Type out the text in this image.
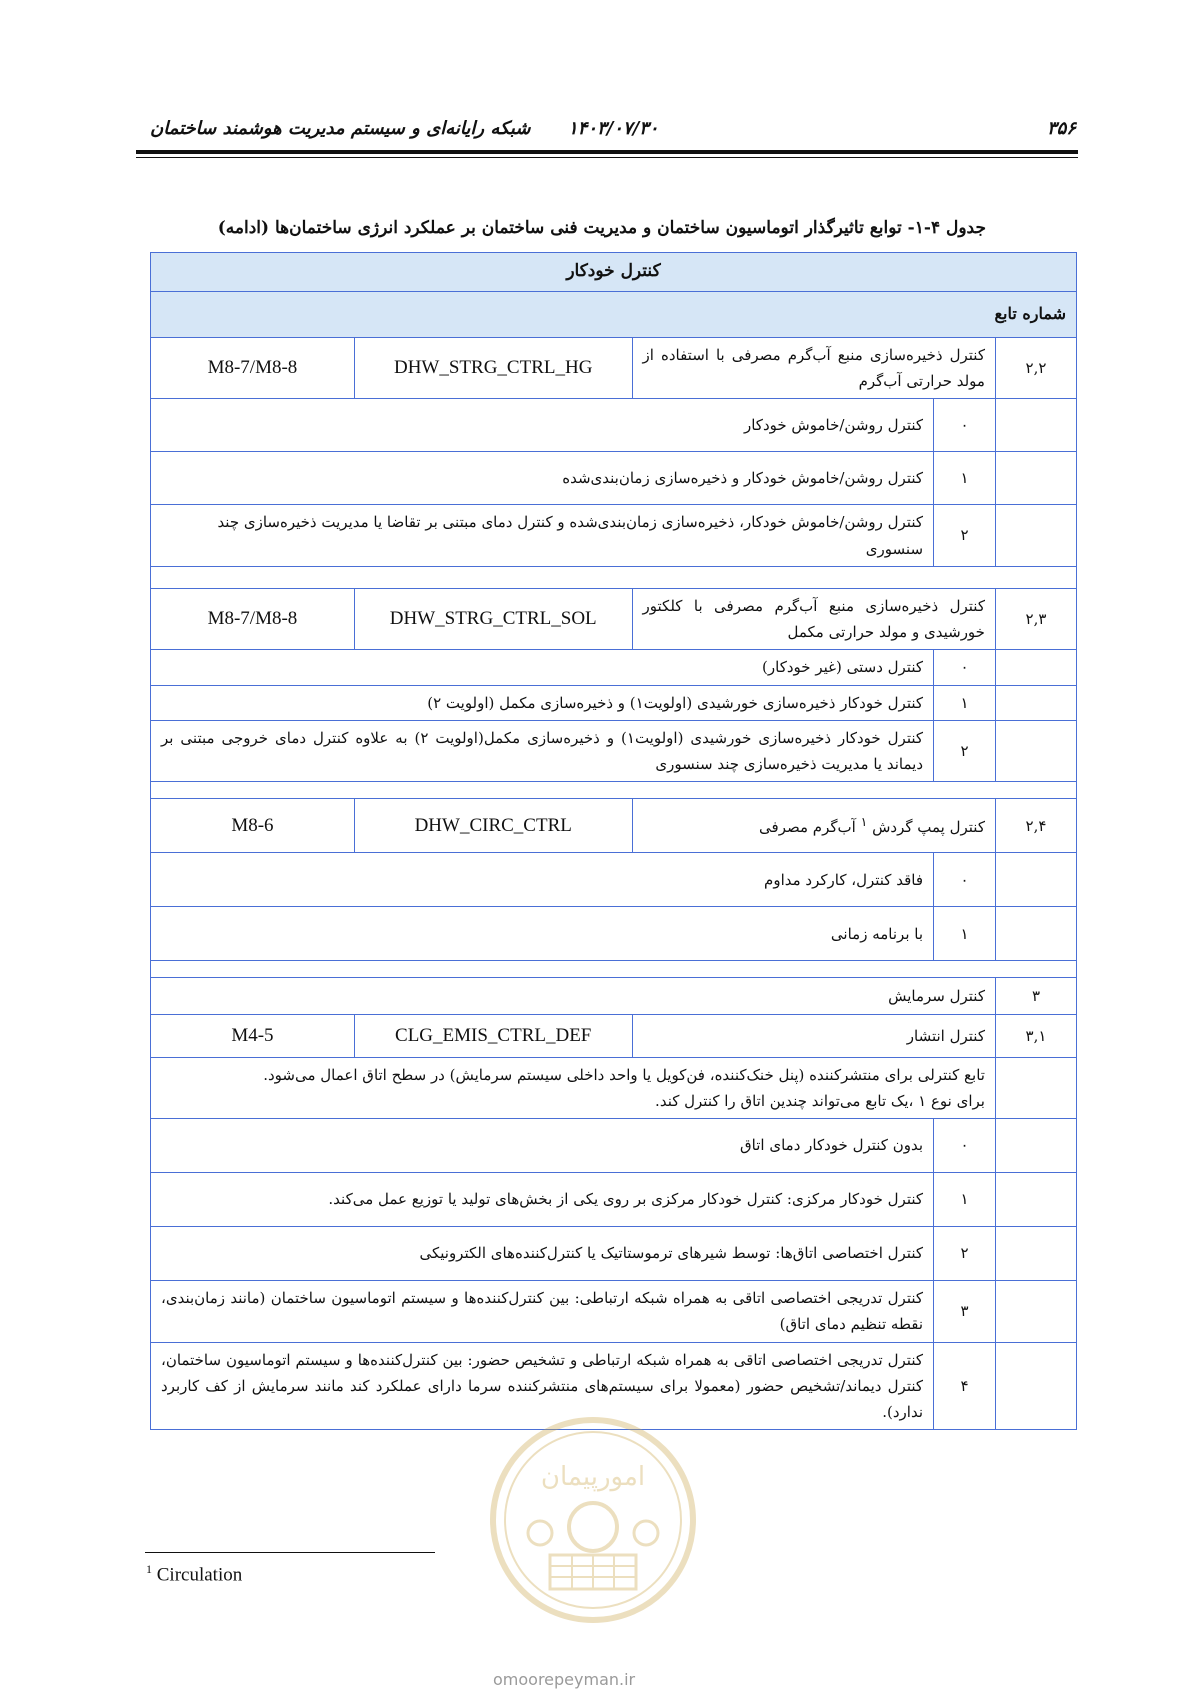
شبکه رایانه‌ای و سیستم مدیریت هوشمند ساختمان ۱۴۰۳/۰۷/۳۰	۳۵۶
جدول ۴-۱- توابع تاثیرگذار اتوماسیون ساختمان و مدیریت فنی ساختمان بر عملکرد انرژی ساختمان‌ها (ادامه)
کنترل خودکار				
شماره تابع				
۲,۲	کنترل ذخیره‌سازی منبع آب‌گرم مصرفی با استفاده از مولد حرارتی آب‌گرم		DHW_STRG_CTRL_HG	M8-7/M8-8
	۰	کنترل روشن/خاموش خودکار		
	۱	کنترل روشن/خاموش خودکار و ذخیره‌سازی زمان‌بندی‌شده		
	۲	کنترل روشن/خاموش خودکار، ذخیره‌سازی زمان‌بندی‌شده و کنترل دمای مبتنی بر تقاضا یا مدیریت ذخیره‌سازی چند سنسوری		

۲,۳	کنترل ذخیره‌سازی منبع آب‌گرم مصرفی با کلکتور خورشیدی و مولد حرارتی مکمل		DHW_STRG_CTRL_SOL	M8-7/M8-8
	۰	کنترل دستی (غیر خودکار)		
	۱	کنترل خودکار ذخیره‌سازی خورشیدی (اولویت۱) و ذخیره‌سازی مکمل (اولویت ۲)		
	۲	کنترل خودکار ذخیره‌سازی خورشیدی (اولویت۱) و ذخیره‌سازی مکمل(اولویت ۲) به علاوه کنترل دمای خروجی مبتنی بر دیماند یا مدیریت ذخیره‌سازی چند سنسوری		

۲,۴	کنترل پمپ گردش $^۱$ آب‌گرم مصرفی		DHW_CIRC_CTRL	M8-6
	۰	فاقد کنترل، کارکرد مداوم		
	۱	با برنامه زمانی		

۳	کنترل سرمایش			
۳,۱	کنترل انتشار		CLG_EMIS_CTRL_DEF	M4-5

	تابع کنترلی برای منتشرکننده (پنل خنک‌کننده، فن‌کویل یا واحد داخلی سیستم سرمایش) در سطح اتاق اعمال می‌شود.
برای نوع ۱ ،یک تابع می‌تواند چندین اتاق را کنترل کند.			

	۰	بدون کنترل خودکار دمای اتاق		
	۱	کنترل خودکار مرکزی: کنترل خودکار مرکزی بر روی یکی از بخش‌های تولید یا توزیع عمل می‌کند.		
	۲	کنترل اختصاصی اتاق‌ها: توسط شیرهای ترموستاتیک یا کنترل‌کننده‌های الکترونیکی		
	۳	کنترل تدریجی اختصاصی اتاقی به همراه شبکه ارتباطی: بین کنترل‌کننده‌ها و سیستم اتوماسیون ساختمان (مانند زمان‌بندی، نقطه تنظیم دمای اتاق)		
	۴	کنترل تدریجی اختصاصی اتاقی به همراه شبکه ارتباطی و تشخیص حضور: بین کنترل‌کننده‌ها و سیستم اتوماسیون ساختمان، کنترل دیماند/تشخیص حضور (معمولا برای سیستم‌های منتشرکننده سرما دارای عملکرد کند مانند سرمایش از کف کاربرد ندارد).		
امورپیمان
omoorepeyman.ir
$^1$ Circulation
